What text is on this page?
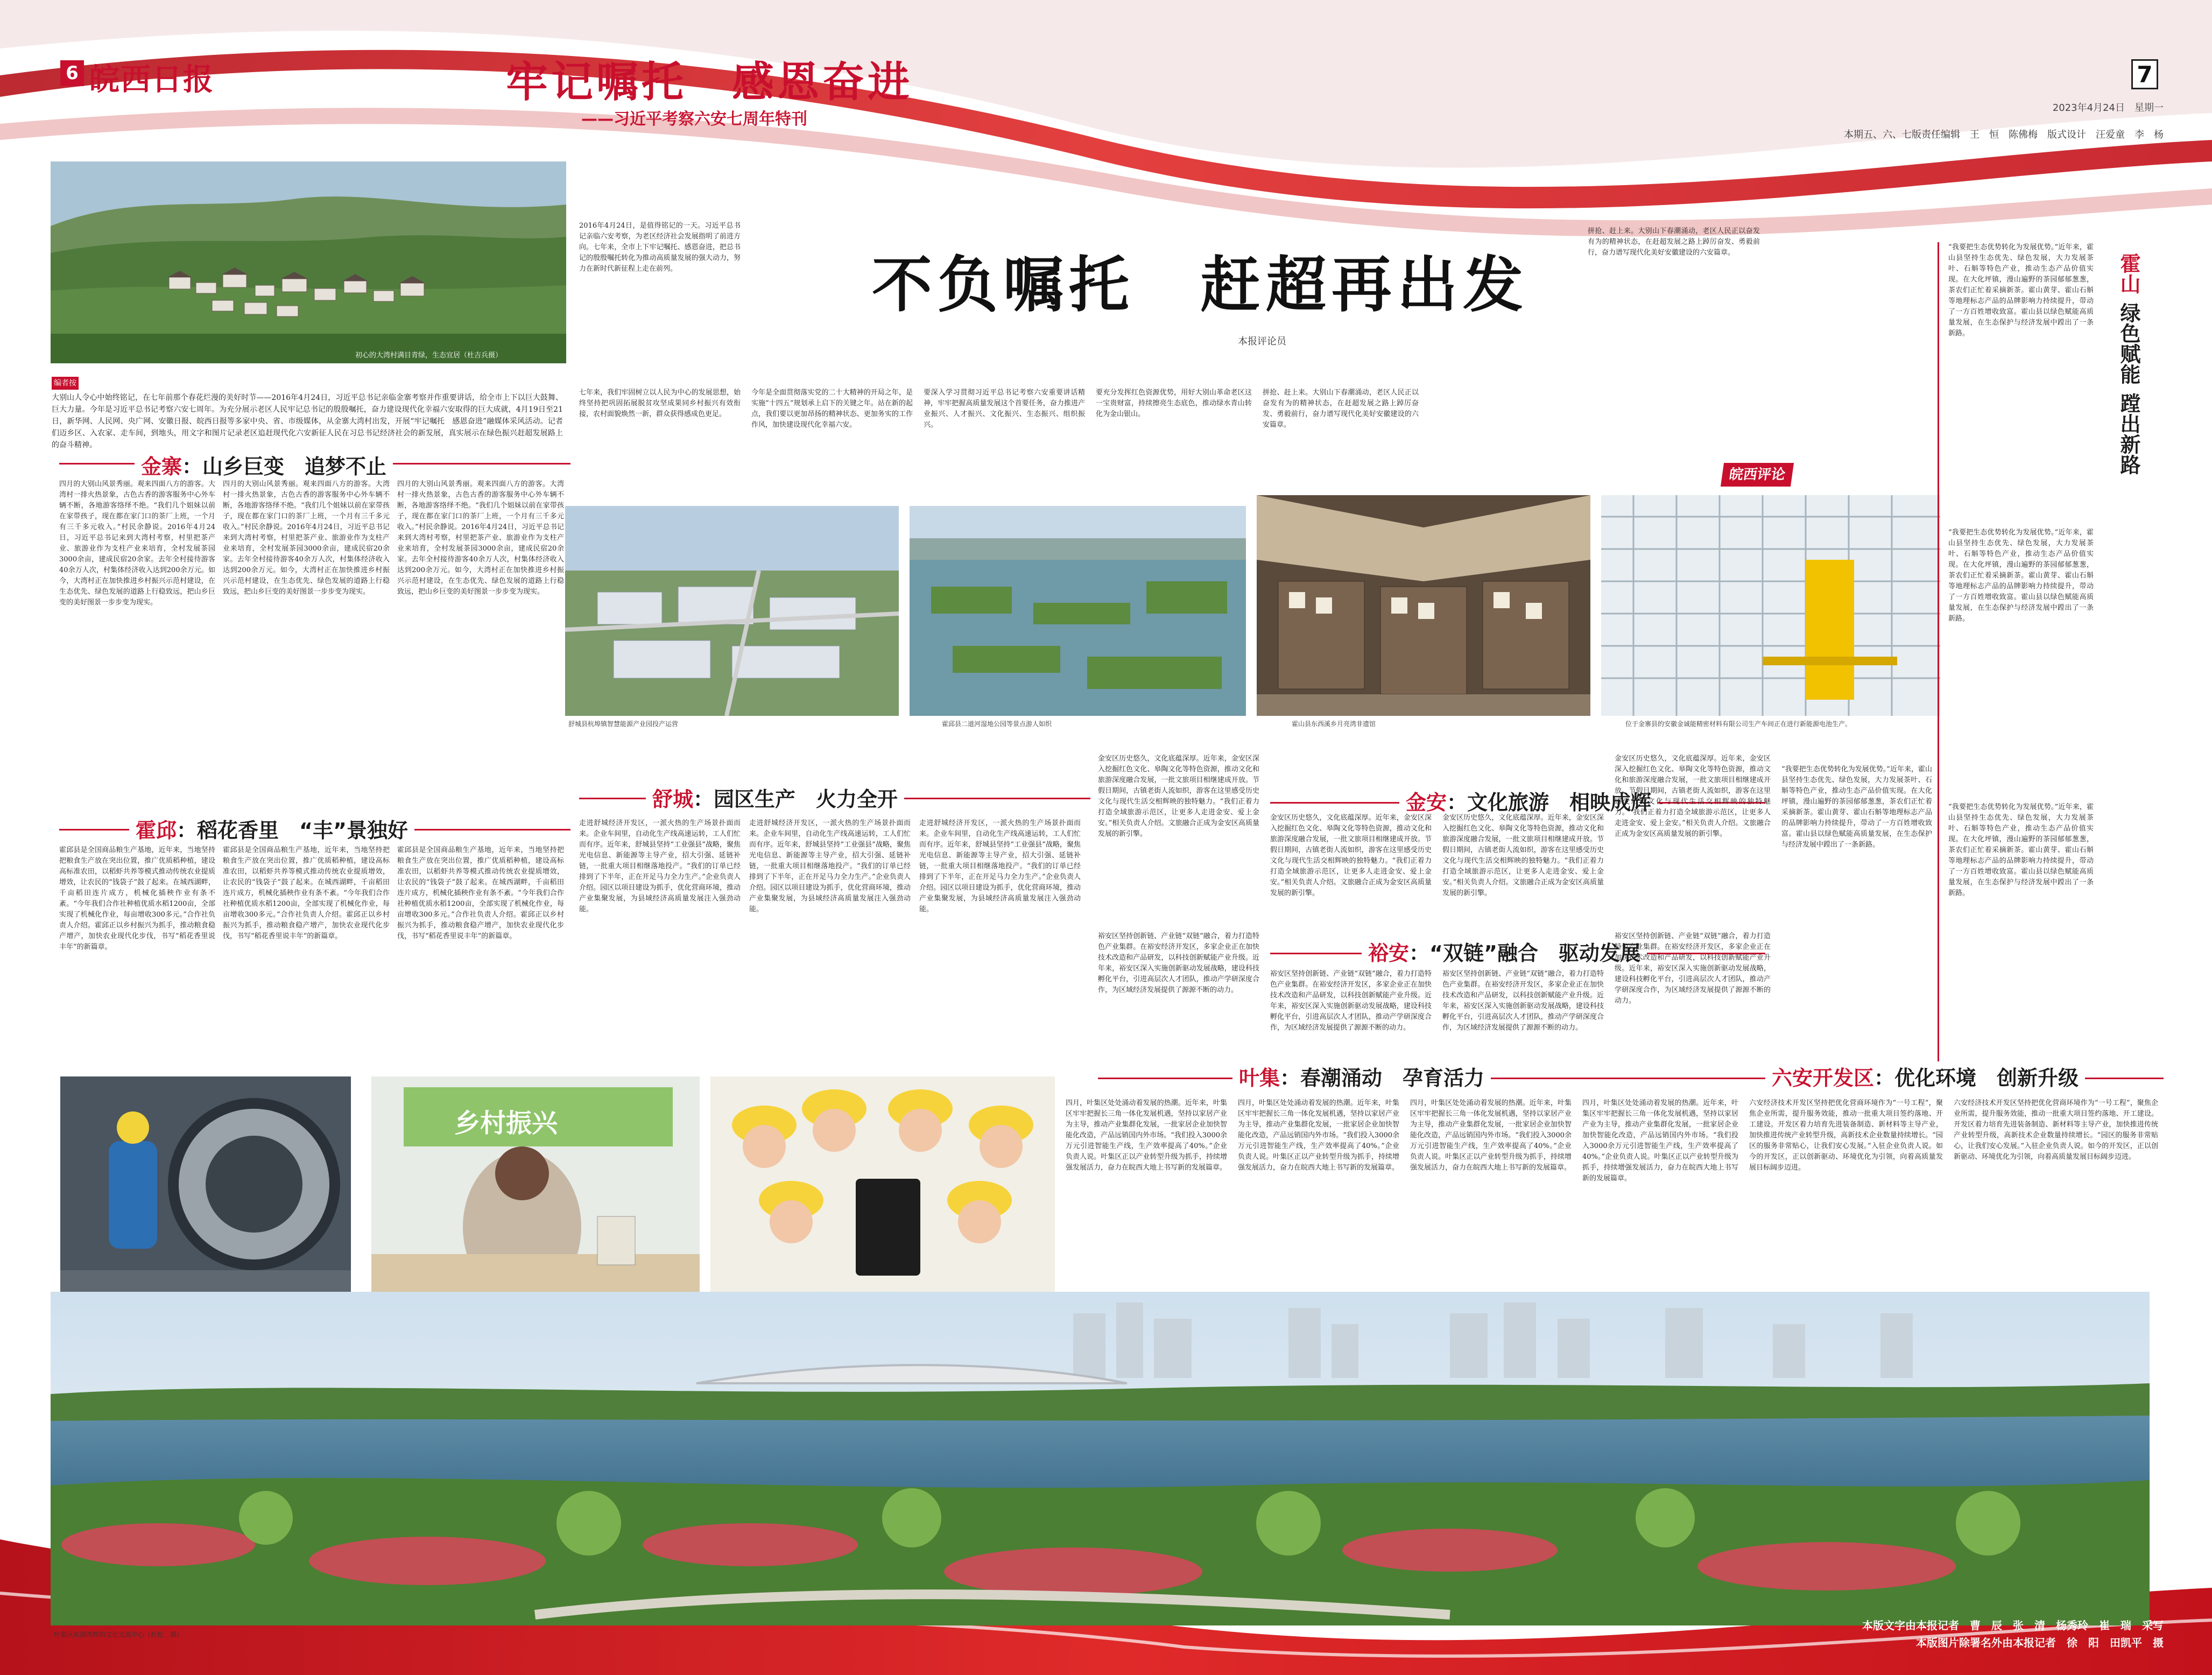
6 皖西日报	牢记嘱托　感恩奋进
——习近平考察六安七周年特刊
7
2023年4月24日　星期一
本期五、六、七版责任编辑　王　恒　陈佛梅　版式设计　汪爱童　李　杨
初心的大湾村满目青绿，生态宜居（杜吉兵摄）
编者按
大别山人令心中始终铭记，在七年前那个春花烂漫的美好时节——2016年4月24日，习近平总书记亲临金寨考察并作重要讲话，给全市上下以巨大鼓舞、巨大力量。今年是习近平总书记考察六安七周年。为充分展示老区人民牢记总书记的殷殷嘱托，奋力建设现代化幸福六安取得的巨大成就，4月19日至21日，新华网、人民网、央广网、安徽日报、皖西日报等多家中央、省、市级媒体，从金寨大湾村出发，开展“牢记嘱托　感恩奋进”融媒体采风活动。记者们迈乡区、入农家、走车间，到地头，用文字和图片记录老区追赶现代化六安新征人民在习总书记经济社会的新发展，真实展示在绿色振兴赶超发展路上的奋斗精神。
2016年4月24日，是值得铭记的一天。习近平总书记亲临六安考察，为老区经济社会发展指明了前进方向。七年来，全市上下牢记嘱托、感恩奋进，把总书记的殷殷嘱托转化为推动高质量发展的强大动力，努力在新时代新征程上走在前列。	不负嘱托　赶超再出发
本报评论员
七年来，我们牢固树立以人民为中心的发展思想，始终坚持把巩固拓展脱贫攻坚成果同乡村振兴有效衔接，农村面貌焕然一新，群众获得感成色更足。
今年是全面贯彻落实党的二十大精神的开局之年，是实施“十四五”规划承上启下的关键之年。站在新的起点，我们要以更加昂扬的精神状态、更加务实的工作作风，加快建设现代化幸福六安。
要深入学习贯彻习近平总书记考察六安重要讲话精神，牢牢把握高质量发展这个首要任务，奋力推进产业振兴、人才振兴、文化振兴、生态振兴、组织振兴。
要充分发挥红色资源优势，用好大别山革命老区这一宝贵财富，持续擦亮生态底色，推动绿水青山转化为金山银山。
拼抢、赶上来。大别山下春潮涌动，老区人民正以奋发有为的精神状态，在赶超发展之路上踔厉奋发、勇毅前行，奋力谱写现代化美好安徽建设的六安篇章。
拼抢、赶上来。大别山下春潮涌动，老区人民正以奋发有为的精神状态，在赶超发展之路上踔厉奋发、勇毅前行，奋力谱写现代化美好安徽建设的六安篇章。
皖西评论
舒城县杭埠镇智慧能源产业园投产运营	霍邱县二道河湿地公园等景点游人如织	霍山县东西溪乡月亮湾非遗馆	位于金寨县的安徽金诚能精密材料有限公司生产车间正在进行新能源电池生产。
金寨：山乡巨变　追梦不止
四月的大别山风景秀丽。观来四面八方的游客。大湾村一排火热景象，古色古香的游客服务中心外车辆不断，各地游客络绎不绝。“我们几个姐妹以前在家带孩子，现在都在家门口的茶厂上班，一个月有三千多元收入。”村民余静说。2016年4月24日，习近平总书记来到大湾村考察，村里把茶产业、旅游业作为支柱产业来培育，全村发展茶园3000余亩，建成民宿20余家。去年全村接待游客40余万人次，村集体经济收入达到200余万元。如今，大湾村正在加快推进乡村振兴示范村建设，在生态优先、绿色发展的道路上行稳致远，把山乡巨变的美好图景一步步变为现实。
四月的大别山风景秀丽。观来四面八方的游客。大湾村一排火热景象，古色古香的游客服务中心外车辆不断，各地游客络绎不绝。“我们几个姐妹以前在家带孩子，现在都在家门口的茶厂上班，一个月有三千多元收入。”村民余静说。2016年4月24日，习近平总书记来到大湾村考察，村里把茶产业、旅游业作为支柱产业来培育，全村发展茶园3000余亩，建成民宿20余家。去年全村接待游客40余万人次，村集体经济收入达到200余万元。如今，大湾村正在加快推进乡村振兴示范村建设，在生态优先、绿色发展的道路上行稳致远，把山乡巨变的美好图景一步步变为现实。
四月的大别山风景秀丽。观来四面八方的游客。大湾村一排火热景象，古色古香的游客服务中心外车辆不断，各地游客络绎不绝。“我们几个姐妹以前在家带孩子，现在都在家门口的茶厂上班，一个月有三千多元收入。”村民余静说。2016年4月24日，习近平总书记来到大湾村考察，村里把茶产业、旅游业作为支柱产业来培育，全村发展茶园3000余亩，建成民宿20余家。去年全村接待游客40余万人次，村集体经济收入达到200余万元。如今，大湾村正在加快推进乡村振兴示范村建设，在生态优先、绿色发展的道路上行稳致远，把山乡巨变的美好图景一步步变为现实。
霍邱：稻花香里　“丰”景独好
霍邱县是全国商品粮生产基地，近年来，当地坚持把粮食生产放在突出位置，推广优质稻种植，建设高标准农田，以稻虾共养等模式推动传统农业提质增效，让农民的“钱袋子”鼓了起来。在城西湖畔，千亩稻田连片成方，机械化插秧作业有条不紊。“今年我们合作社种植优质水稻1200亩，全部实现了机械化作业，每亩增收300多元。”合作社负责人介绍。霍邱正以乡村振兴为抓手，推动粮食稳产增产，加快农业现代化步伐，书写“稻花香里说丰年”的新篇章。
霍邱县是全国商品粮生产基地，近年来，当地坚持把粮食生产放在突出位置，推广优质稻种植，建设高标准农田，以稻虾共养等模式推动传统农业提质增效，让农民的“钱袋子”鼓了起来。在城西湖畔，千亩稻田连片成方，机械化插秧作业有条不紊。“今年我们合作社种植优质水稻1200亩，全部实现了机械化作业，每亩增收300多元。”合作社负责人介绍。霍邱正以乡村振兴为抓手，推动粮食稳产增产，加快农业现代化步伐，书写“稻花香里说丰年”的新篇章。
霍邱县是全国商品粮生产基地，近年来，当地坚持把粮食生产放在突出位置，推广优质稻种植，建设高标准农田，以稻虾共养等模式推动传统农业提质增效，让农民的“钱袋子”鼓了起来。在城西湖畔，千亩稻田连片成方，机械化插秧作业有条不紊。“今年我们合作社种植优质水稻1200亩，全部实现了机械化作业，每亩增收300多元。”合作社负责人介绍。霍邱正以乡村振兴为抓手，推动粮食稳产增产，加快农业现代化步伐，书写“稻花香里说丰年”的新篇章。
舒城：园区生产　火力全开
走进舒城经济开发区，一派火热的生产场景扑面而来。企业车间里，自动化生产线高速运转，工人们忙而有序。近年来，舒城县坚持“工业强县”战略，聚焦光电信息、新能源等主导产业，招大引强、延链补链，一批重大项目相继落地投产。“我们的订单已经排到了下半年，正在开足马力全力生产。”企业负责人介绍。园区以项目建设为抓手，优化营商环境，推动产业集聚发展，为县域经济高质量发展注入强劲动能。
走进舒城经济开发区，一派火热的生产场景扑面而来。企业车间里，自动化生产线高速运转，工人们忙而有序。近年来，舒城县坚持“工业强县”战略，聚焦光电信息、新能源等主导产业，招大引强、延链补链，一批重大项目相继落地投产。“我们的订单已经排到了下半年，正在开足马力全力生产。”企业负责人介绍。园区以项目建设为抓手，优化营商环境，推动产业集聚发展，为县域经济高质量发展注入强劲动能。
走进舒城经济开发区，一派火热的生产场景扑面而来。企业车间里，自动化生产线高速运转，工人们忙而有序。近年来，舒城县坚持“工业强县”战略，聚焦光电信息、新能源等主导产业，招大引强、延链补链，一批重大项目相继落地投产。“我们的订单已经排到了下半年，正在开足马力全力生产。”企业负责人介绍。园区以项目建设为抓手，优化营商环境，推动产业集聚发展，为县域经济高质量发展注入强劲动能。
金安：文化旅游　相映成辉
金安区历史悠久，文化底蕴深厚。近年来，金安区深入挖掘红色文化、皋陶文化等特色资源，推动文化和旅游深度融合发展，一批文旅项目相继建成开放。节假日期间，古镇老街人流如织，游客在这里感受历史文化与现代生活交相辉映的独特魅力。“我们正着力打造全域旅游示范区，让更多人走进金安、爱上金安。”相关负责人介绍。文旅融合正成为金安区高质量发展的新引擎。
金安区历史悠久，文化底蕴深厚。近年来，金安区深入挖掘红色文化、皋陶文化等特色资源，推动文化和旅游深度融合发展，一批文旅项目相继建成开放。节假日期间，古镇老街人流如织，游客在这里感受历史文化与现代生活交相辉映的独特魅力。“我们正着力打造全域旅游示范区，让更多人走进金安、爱上金安。”相关负责人介绍。文旅融合正成为金安区高质量发展的新引擎。
金安区历史悠久，文化底蕴深厚。近年来，金安区深入挖掘红色文化、皋陶文化等特色资源，推动文化和旅游深度融合发展，一批文旅项目相继建成开放。节假日期间，古镇老街人流如织，游客在这里感受历史文化与现代生活交相辉映的独特魅力。“我们正着力打造全域旅游示范区，让更多人走进金安、爱上金安。”相关负责人介绍。文旅融合正成为金安区高质量发展的新引擎。
金安区历史悠久，文化底蕴深厚。近年来，金安区深入挖掘红色文化、皋陶文化等特色资源，推动文化和旅游深度融合发展，一批文旅项目相继建成开放。节假日期间，古镇老街人流如织，游客在这里感受历史文化与现代生活交相辉映的独特魅力。“我们正着力打造全域旅游示范区，让更多人走进金安、爱上金安。”相关负责人介绍。文旅融合正成为金安区高质量发展的新引擎。
裕安：“双链”融合　驱动发展
裕安区坚持创新链、产业链“双链”融合，着力打造特色产业集群。在裕安经济开发区，多家企业正在加快技术改造和产品研发，以科技创新赋能产业升级。近年来，裕安区深入实施创新驱动发展战略，建设科技孵化平台，引进高层次人才团队，推动产学研深度合作，为区域经济发展提供了源源不断的动力。
裕安区坚持创新链、产业链“双链”融合，着力打造特色产业集群。在裕安经济开发区，多家企业正在加快技术改造和产品研发，以科技创新赋能产业升级。近年来，裕安区深入实施创新驱动发展战略，建设科技孵化平台，引进高层次人才团队，推动产学研深度合作，为区域经济发展提供了源源不断的动力。
裕安区坚持创新链、产业链“双链”融合，着力打造特色产业集群。在裕安经济开发区，多家企业正在加快技术改造和产品研发，以科技创新赋能产业升级。近年来，裕安区深入实施创新驱动发展战略，建设科技孵化平台，引进高层次人才团队，推动产学研深度合作，为区域经济发展提供了源源不断的动力。
裕安区坚持创新链、产业链“双链”融合，着力打造特色产业集群。在裕安经济开发区，多家企业正在加快技术改造和产品研发，以科技创新赋能产业升级。近年来，裕安区深入实施创新驱动发展战略，建设科技孵化平台，引进高层次人才团队，推动产学研深度合作，为区域经济发展提供了源源不断的动力。
霍山
绿色赋能
蹚出新路
“我要把生态优势转化为发展优势。”近年来，霍山县坚持生态优先、绿色发展，大力发展茶叶、石斛等特色产业，推动生态产品价值实现。在大化坪镇，漫山遍野的茶园郁郁葱葱，茶农们正忙着采摘新茶。霍山黄芽、霍山石斛等地理标志产品的品牌影响力持续提升，带动了一方百姓增收致富。霍山县以绿色赋能高质量发展，在生态保护与经济发展中蹚出了一条新路。
“我要把生态优势转化为发展优势。”近年来，霍山县坚持生态优先、绿色发展，大力发展茶叶、石斛等特色产业，推动生态产品价值实现。在大化坪镇，漫山遍野的茶园郁郁葱葱，茶农们正忙着采摘新茶。霍山黄芽、霍山石斛等地理标志产品的品牌影响力持续提升，带动了一方百姓增收致富。霍山县以绿色赋能高质量发展，在生态保护与经济发展中蹚出了一条新路。
“我要把生态优势转化为发展优势。”近年来，霍山县坚持生态优先、绿色发展，大力发展茶叶、石斛等特色产业，推动生态产品价值实现。在大化坪镇，漫山遍野的茶园郁郁葱葱，茶农们正忙着采摘新茶。霍山黄芽、霍山石斛等地理标志产品的品牌影响力持续提升，带动了一方百姓增收致富。霍山县以绿色赋能高质量发展，在生态保护与经济发展中蹚出了一条新路。
“我要把生态优势转化为发展优势。”近年来，霍山县坚持生态优先、绿色发展，大力发展茶叶、石斛等特色产业，推动生态产品价值实现。在大化坪镇，漫山遍野的茶园郁郁葱葱，茶农们正忙着采摘新茶。霍山黄芽、霍山石斛等地理标志产品的品牌影响力持续提升，带动了一方百姓增收致富。霍山县以绿色赋能高质量发展，在生态保护与经济发展中蹚出了一条新路。
乡村振兴
叶集：春潮涌动　孕育活力
四月，叶集区处处涌动着发展的热潮。近年来，叶集区牢牢把握长三角一体化发展机遇，坚持以家居产业为主导，推动产业集群化发展，一批家居企业加快智能化改造，产品远销国内外市场。“我们投入3000余万元引进智能生产线，生产效率提高了40%。”企业负责人说。叶集区正以产业转型升级为抓手，持续增强发展活力，奋力在皖西大地上书写新的发展篇章。
四月，叶集区处处涌动着发展的热潮。近年来，叶集区牢牢把握长三角一体化发展机遇，坚持以家居产业为主导，推动产业集群化发展，一批家居企业加快智能化改造，产品远销国内外市场。“我们投入3000余万元引进智能生产线，生产效率提高了40%。”企业负责人说。叶集区正以产业转型升级为抓手，持续增强发展活力，奋力在皖西大地上书写新的发展篇章。
四月，叶集区处处涌动着发展的热潮。近年来，叶集区牢牢把握长三角一体化发展机遇，坚持以家居产业为主导，推动产业集群化发展，一批家居企业加快智能化改造，产品远销国内外市场。“我们投入3000余万元引进智能生产线，生产效率提高了40%。”企业负责人说。叶集区正以产业转型升级为抓手，持续增强发展活力，奋力在皖西大地上书写新的发展篇章。
四月，叶集区处处涌动着发展的热潮。近年来，叶集区牢牢把握长三角一体化发展机遇，坚持以家居产业为主导，推动产业集群化发展，一批家居企业加快智能化改造，产品远销国内外市场。“我们投入3000余万元引进智能生产线，生产效率提高了40%。”企业负责人说。叶集区正以产业转型升级为抓手，持续增强发展活力，奋力在皖西大地上书写新的发展篇章。
六安开发区：优化环境　创新升级
六安经济技术开发区坚持把优化营商环境作为“一号工程”，聚焦企业所需，提升服务效能，推动一批重大项目签约落地、开工建设。开发区着力培育先进装备制造、新材料等主导产业，加快推进传统产业转型升级，高新技术企业数量持续增长。“园区的服务非常贴心，让我们安心发展。”入驻企业负责人说。如今的开发区，正以创新驱动、环境优化为引领，向着高质量发展目标阔步迈进。
六安经济技术开发区坚持把优化营商环境作为“一号工程”，聚焦企业所需，提升服务效能，推动一批重大项目签约落地、开工建设。开发区着力培育先进装备制造、新材料等主导产业，加快推进传统产业转型升级，高新技术企业数量持续增长。“园区的服务非常贴心，让我们安心发展。”入驻企业负责人说。如今的开发区，正以创新驱动、环境优化为引领，向着高质量发展目标阔步迈进。
叶集区东湖湾畔的文化交流中心（杜松　摄）
本版文字由本报记者　曹　辰　张　清　杨秀玲　崔　瑞　采写
本版图片除署名外由本报记者　徐　阳　田凯平　摄
